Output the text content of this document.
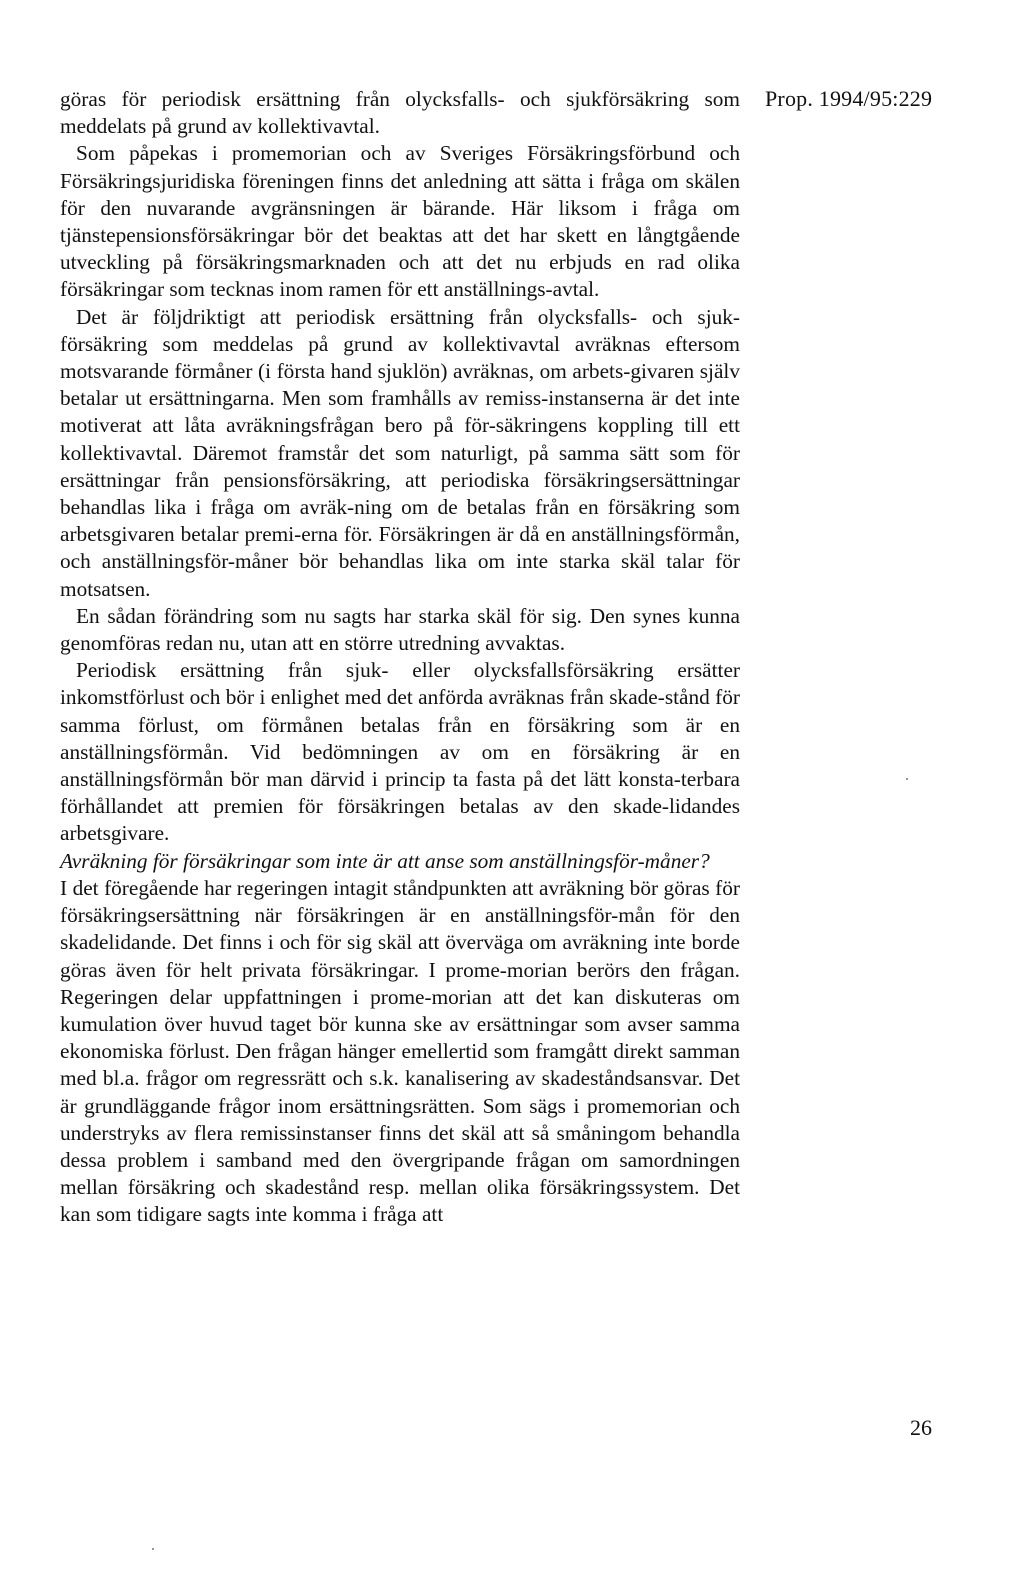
Prop. 1994/95:229

göras för periodisk ersättning från olycksfalls- och sjukförsäkring som meddelats på grund av kollektivavtal.

Som påpekas i promemorian och av Sveriges Försäkringsförbund och Försäkringsjuridiska föreningen finns det anledning att sätta i fråga om skälen för den nuvarande avgränsningen är bärande. Här liksom i fråga om tjänstepensionsförsäkringar bör det beaktas att det har skett en långtgående utveckling på försäkringsmarknaden och att det nu erbjuds en rad olika försäkringar som tecknas inom ramen för ett anställnings-avtal.

Det är följdriktigt att periodisk ersättning från olycksfalls- och sjuk-försäkring som meddelas på grund av kollektivavtal avräknas eftersom motsvarande förmåner (i första hand sjuklön) avräknas, om arbets-givaren själv betalar ut ersättningarna. Men som framhålls av remiss-instanserna är det inte motiverat att låta avräkningsfrågan bero på för-säkringens koppling till ett kollektivavtal. Däremot framstår det som naturligt, på samma sätt som för ersättningar från pensionsförsäkring, att periodiska försäkringsersättningar behandlas lika i fråga om avräk-ning om de betalas från en försäkring som arbetsgivaren betalar premi-erna för. Försäkringen är då en anställningsförmån, och anställningsför-måner bör behandlas lika om inte starka skäl talar för motsatsen.

En sådan förändring som nu sagts har starka skäl för sig. Den synes kunna genomföras redan nu, utan att en större utredning avvaktas.

Periodisk ersättning från sjuk- eller olycksfallsförsäkring ersätter inkomstförlust och bör i enlighet med det anförda avräknas från skade-stånd för samma förlust, om förmånen betalas från en försäkring som är en anställningsförmån. Vid bedömningen av om en försäkring är en anställningsförmån bör man därvid i princip ta fasta på det lätt konsta-terbara förhållandet att premien för försäkringen betalas av den skade-lidandes arbetsgivare.

Avräkning för försäkringar som inte är att anse som anställningsför-måner?

I det föregående har regeringen intagit ståndpunkten att avräkning bör göras för försäkringsersättning när försäkringen är en anställningsför-mån för den skadelidande. Det finns i och för sig skäl att överväga om avräkning inte borde göras även för helt privata försäkringar. I prome-morian berörs den frågan. Regeringen delar uppfattningen i prome-morian att det kan diskuteras om kumulation över huvud taget bör kunna ske av ersättningar som avser samma ekonomiska förlust. Den frågan hänger emellertid som framgått direkt samman med bl.a. frågor om regressrätt och s.k. kanalisering av skadeståndsansvar. Det är grundläggande frågor inom ersättningsrätten. Som sägs i promemorian och understryks av flera remissinstanser finns det skäl att så småningom behandla dessa problem i samband med den övergripande frågan om samordningen mellan försäkring och skadestånd resp. mellan olika försäkringssystem. Det kan som tidigare sagts inte komma i fråga att

26
